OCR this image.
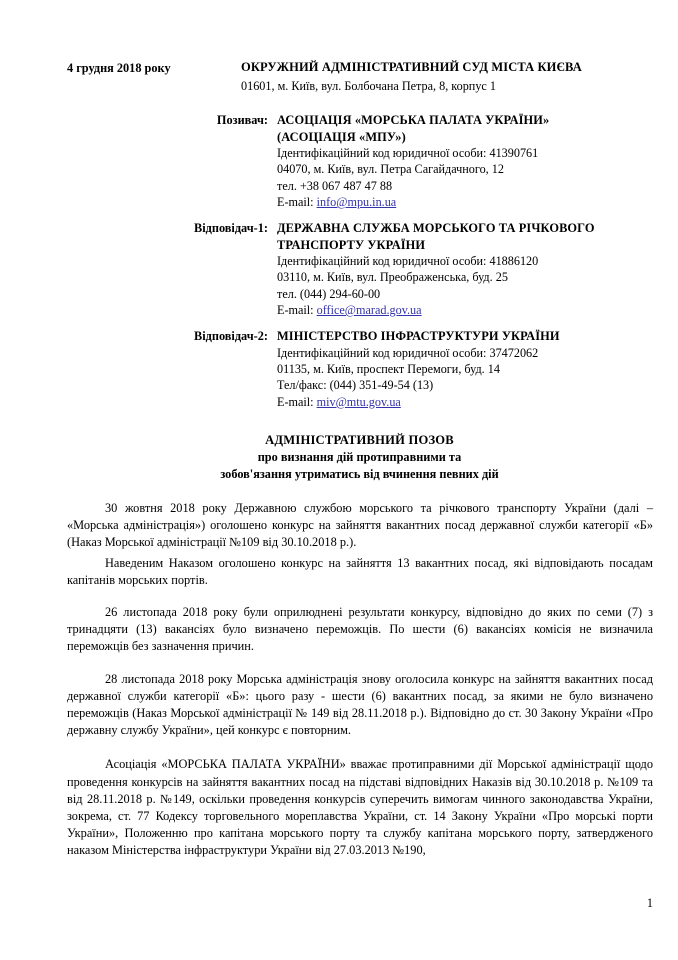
4 грудня 2018 року	ОКРУЖНИЙ АДМІНІСТРАТИВНИЙ СУД МІСТА КИЄВА
01601, м. Київ, вул. Болбочана Петра, 8, корпус 1
Позивач: АСОЦІАЦІЯ «МОРСЬКА ПАЛАТА УКРАЇНИ»
(АСОЦІАЦІЯ «МПУ»)
Ідентифікаційний код юридичної особи: 41390761
04070, м. Київ, вул. Петра Сагайдачного, 12
тел. +38 067 487 47 88
E-mail: info@mpu.in.ua
Відповідач-1: ДЕРЖАВНА СЛУЖБА МОРСЬКОГО ТА РІЧКОВОГО
ТРАНСПОРТУ УКРАЇНИ
Ідентифікаційний код юридичної особи: 41886120
03110, м. Київ, вул. Преображенська, буд. 25
тел. (044) 294-60-00
E-mail: office@marad.gov.ua
Відповідач-2: МІНІСТЕРСТВО ІНФРАСТРУКТУРИ УКРАЇНИ
Ідентифікаційний код юридичної особи: 37472062
01135, м. Київ, проспект Перемоги, буд. 14
Тел/факс: (044) 351-49-54 (13)
E-mail: miv@mtu.gov.ua
АДМІНІСТРАТИВНИЙ ПОЗОВ
про визнання дій протиправними та
зобов'язання утриматись від вчинення певних дій

30 жовтня 2018 року Державною службою морського та річкового транспорту України (далі – «Морська адміністрація») оголошено конкурс на зайняття вакантних посад державної служби категорії «Б» (Наказ Морської адміністрації №109 від 30.10.2018 р.).

Наведеним Наказом оголошено конкурс на зайняття 13 вакантних посад, які відповідають посадам капітанів морських портів.

26 листопада 2018 року були оприлюднені результати конкурсу, відповідно до яких по семи (7) з тринадцяти (13) вакансіях було визначено переможців. По шести (6) вакансіях комісія не визначила переможців без зазначення причин.

28 листопада 2018 року Морська адміністрація знову оголосила конкурс на зайняття вакантних посад державної служби категорії «Б»: цього разу - шести (6) вакантних посад, за якими не було визначено переможців (Наказ Морської адміністрації № 149 від 28.11.2018 р.). Відповідно до ст. 30 Закону України «Про державну службу України», цей конкурс є повторним.

Асоціація «МОРСЬКА ПАЛАТА УКРАЇНИ» вважає протиправними дії Морської адміністрації щодо проведення конкурсів на зайняття вакантних посад на підставі відповідних Наказів від 30.10.2018 р. №109 та від 28.11.2018 р. №149, оскільки проведення конкурсів суперечить вимогам чинного законодавства України, зокрема, ст. 77 Кодексу торговельного мореплавства України, ст. 14 Закону України «Про морські порти України», Положенню про капітана морського порту та службу капітана морського порту, затвердженого наказом Міністерства інфраструктури України від 27.03.2013 №190,

1
